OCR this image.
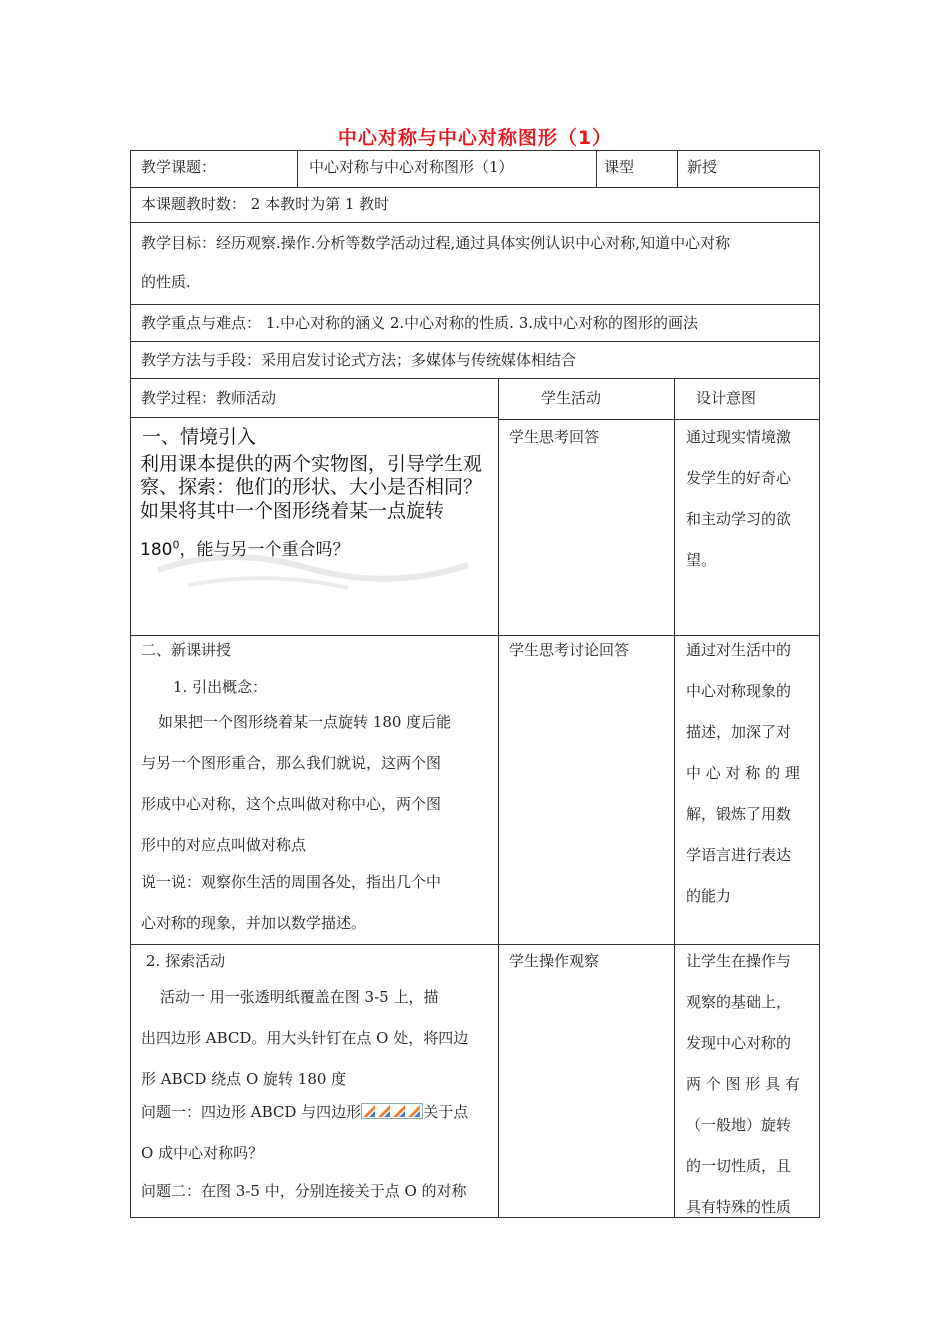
中心对称与中心对称图形（1）
教学课题：	中心对称与中心对称图形（1）	课型	新授
本课题教时数： 2 本教时为第 1 教时
教学目标：经历观察.操作.分析等数学活动过程,通过具体实例认识中心对称,知道中心对称
的性质.
教学重点与难点： 1.中心对称的涵义 2.中心对称的性质. 3.成中心对称的图形的画法
教学方法与手段：采用启发讨论式方法；多媒体与传统媒体相结合
教学过程：教师活动	学生活动	设计意图
一、情境引入
利用课本提供的两个实物图，引导学生观
察、探索：他们的形状、大小是否相同？
如果将其中一个图形绕着某一点旋转
$180^0$，能与另一个重合吗？
学生思考回答	通过现实情境激
发学生的好奇心
和主动学习的欲
望。
二、新课讲授
1. 引出概念：
如果把一个图形绕着某一点旋转 180 度后能
与另一个图形重合，那么我们就说，这两个图
形成中心对称，这个点叫做对称中心，两个图
形中的对应点叫做对称点
说一说：观察你生活的周围各处，指出几个中
心对称的现象，并加以数学描述。
学生思考讨论回答	通过对生活中的
中心对称现象的
描述，加深了对
中 心 对 称 的 理
解，锻炼了用数
学语言进行表达
的能力
2. 探索活动
活动一 用一张透明纸覆盖在图 3-5 上，描
出四边形 ABCD。用大头针钉在点 O 处，将四边
形 ABCD 绕点 O 旋转 180 度
问题一：四边形 ABCD 与四边形	关于点
O 成中心对称吗？
问题二：在图 3-5 中，分别连接关于点 O 的对称
学生操作观察	让学生在操作与
观察的基础上，
发现中心对称的
两 个 图 形 具 有
（一般地）旋转
的一切性质，且
具有特殊的性质
